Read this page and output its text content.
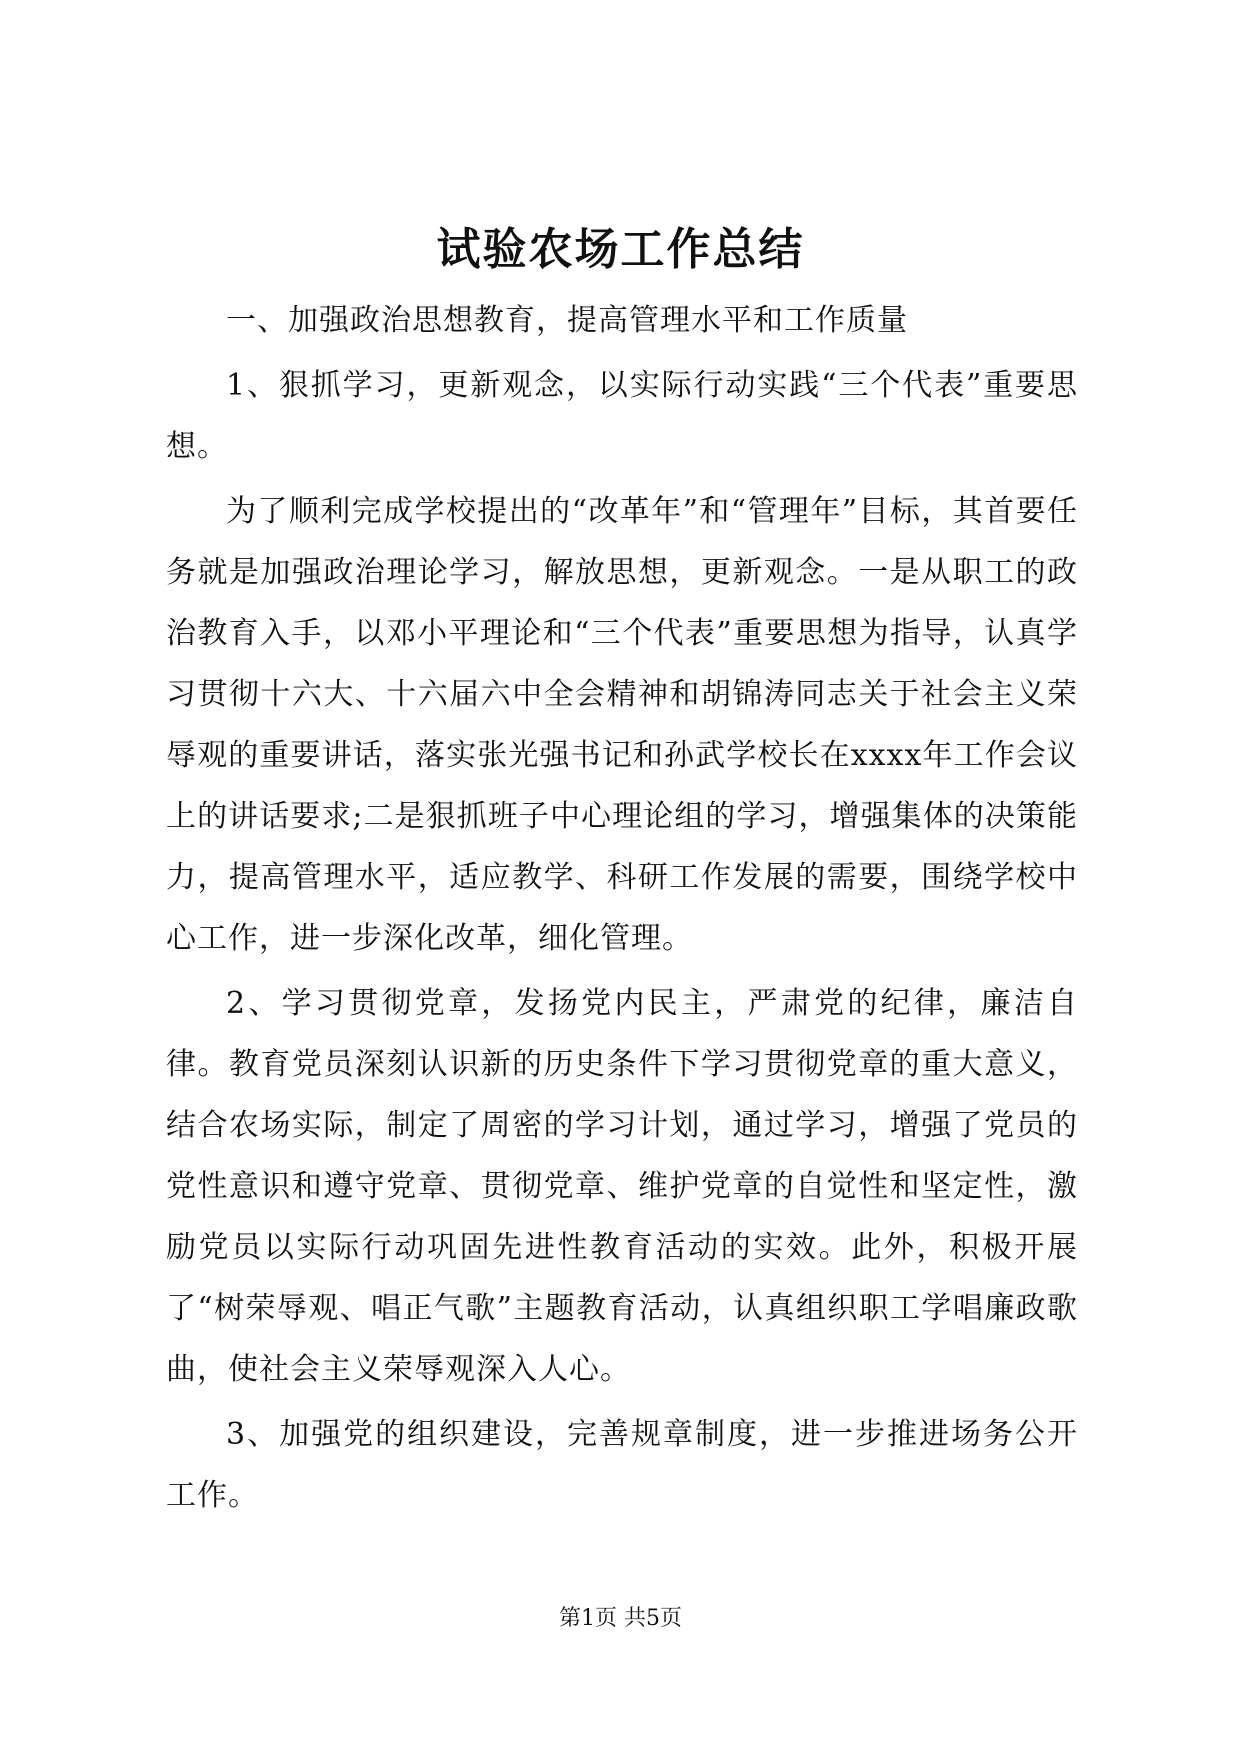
试验农场工作总结

一、加强政治思想教育，提高管理水平和工作质量

1、狠抓学习，更新观念，以实际行动实践“三个代表”重要思想。

为了顺利完成学校提出的“改革年”和“管理年”目标，其首要任务就是加强政治理论学习，解放思想，更新观念。一是从职工的政治教育入手，以邓小平理论和“三个代表”重要思想为指导，认真学习贯彻十六大、十六届六中全会精神和胡锦涛同志关于社会主义荣辱观的重要讲话，落实张光强书记和孙武学校长在xxxx年工作会议上的讲话要求;二是狠抓班子中心理论组的学习，增强集体的决策能力，提高管理水平，适应教学、科研工作发展的需要，围绕学校中心工作，进一步深化改革，细化管理。

2、学习贯彻党章，发扬党内民主，严肃党的纪律，廉洁自律。教育党员深刻认识新的历史条件下学习贯彻党章的重大意义，结合农场实际，制定了周密的学习计划，通过学习，增强了党员的党性意识和遵守党章、贯彻党章、维护党章的自觉性和坚定性，激励党员以实际行动巩固先进性教育活动的实效。此外，积极开展了“树荣辱观、唱正气歌”主题教育活动，认真组织职工学唱廉政歌曲，使社会主义荣辱观深入人心。

3、加强党的组织建设，完善规章制度，进一步推进场务公开工作。

第1页 共5页
